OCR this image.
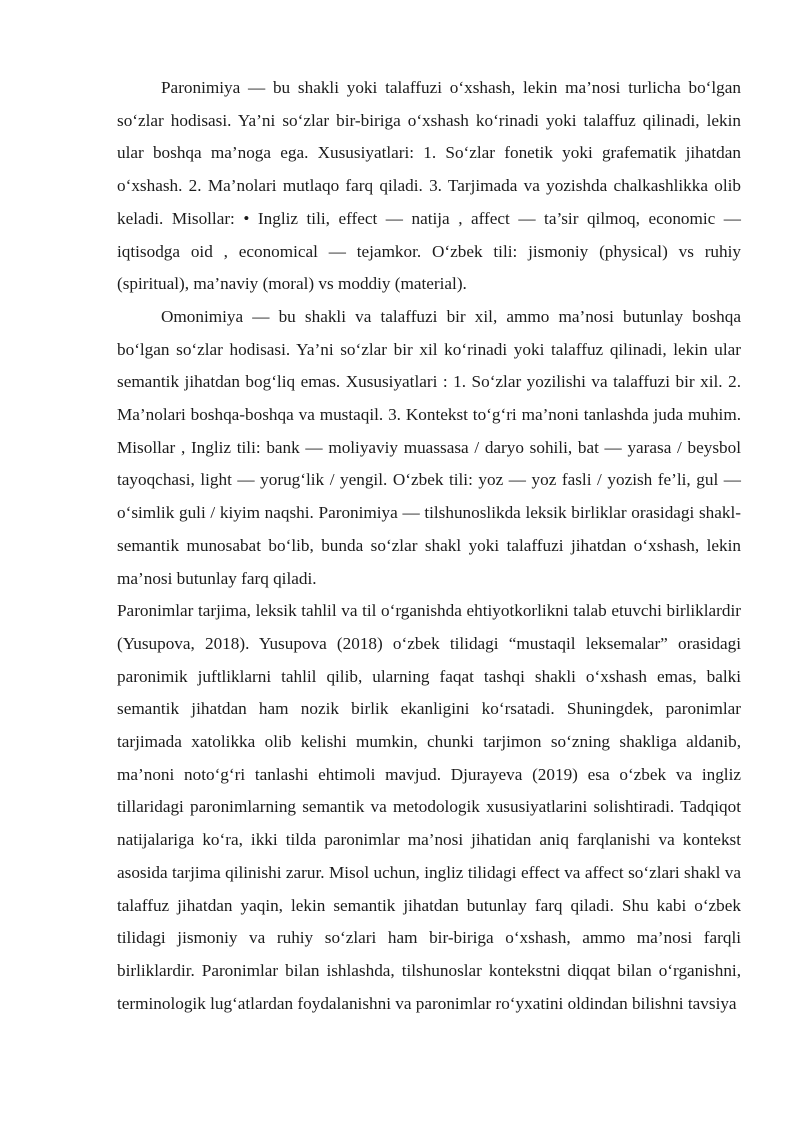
Paronimiya — bu shakli yoki talaffuzi o‘xshash, lekin ma’nosi turlicha bo‘lgan so‘zlar hodisasi. Ya’ni so‘zlar bir-biriga o‘xshash ko‘rinadi yoki talaffuz qilinadi, lekin ular boshqa ma’noga ega. Xususiyatlari: 1. So‘zlar fonetik yoki grafematik jihatdan o‘xshash. 2. Ma’nolari mutlaqo farq qiladi. 3. Tarjimada va yozishda chalkashlikka olib keladi. Misollar: • Ingliz tili, effect — natija , affect — ta’sir qilmoq, economic — iqtisodga oid , economical — tejamkor. O‘zbek tili: jismoniy (physical) vs ruhiy (spiritual), ma’naviy (moral) vs moddiy (material).

Omonimiya — bu shakli va talaffuzi bir xil, ammo ma’nosi butunlay boshqa bo‘lgan so‘zlar hodisasi. Ya’ni so‘zlar bir xil ko‘rinadi yoki talaffuz qilinadi, lekin ular semantik jihatdan bog‘liq emas. Xususiyatlari : 1. So‘zlar yozilishi va talaffuzi bir xil. 2. Ma’nolari boshqa-boshqa va mustaqil. 3. Kontekst to‘g‘ri ma’noni tanlashda juda muhim. Misollar , Ingliz tili: bank — moliyaviy muassasa / daryo sohili, bat — yarasa / beysbol tayoqchasi, light — yorug‘lik / yengil. O‘zbek tili: yoz — yoz fasli / yozish fe’li, gul — o‘simlik guli / kiyim naqshi. Paronimiya — tilshunoslikda leksik birliklar orasidagi shakl-semantik munosabat bo‘lib, bunda so‘zlar shakl yoki talaffuzi jihatdan o‘xshash, lekin ma’nosi butunlay farq qiladi.

Paronimlar tarjima, leksik tahlil va til o‘rganishda ehtiyotkorlikni talab etuvchi birliklardir (Yusupova, 2018). Yusupova (2018) o‘zbek tilidagi “mustaqil leksemalar” orasidagi paronimik juftliklarni tahlil qilib, ularning faqat tashqi shakli o‘xshash emas, balki semantik jihatdan ham nozik birlik ekanligini ko‘rsatadi. Shuningdek, paronimlar tarjimada xatolikka olib kelishi mumkin, chunki tarjimon so‘zning shakliga aldanib, ma’noni noto‘g‘ri tanlashi ehtimoli mavjud. Djurayeva (2019) esa o‘zbek va ingliz tillaridagi paronimlarning semantik va metodologik xususiyatlarini solishtiradi. Tadqiqot natijalariga ko‘ra, ikki tilda paronimlar ma’nosi jihatidan aniq farqlanishi va kontekst asosida tarjima qilinishi zarur. Misol uchun, ingliz tilidagi effect va affect so‘zlari shakl va talaffuz jihatdan yaqin, lekin semantik jihatdan butunlay farq qiladi. Shu kabi o‘zbek tilidagi jismoniy va ruhiy so‘zlari ham bir-biriga o‘xshash, ammo ma’nosi farqli birliklardir. Paronimlar bilan ishlashda, tilshunoslar kontekstni diqqat bilan o‘rganishni, terminologik lug‘atlardan foydalanishni va paronimlar ro‘yxatini oldindan bilishni tavsiya
